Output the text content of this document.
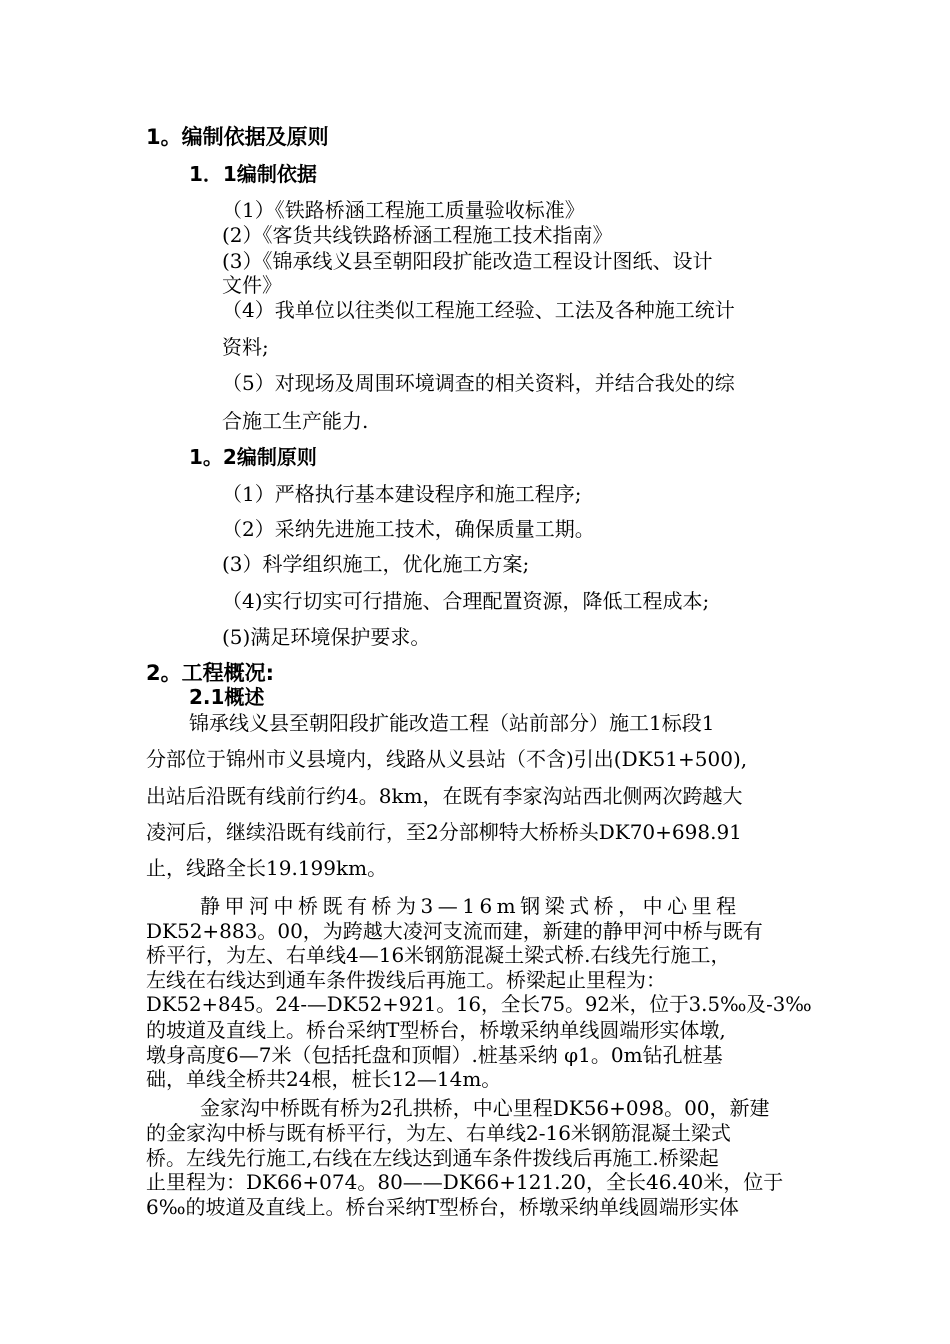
1。编制依据及原则
1．1编制依据
（1）《铁路桥涵工程施工质量验收标准》
(2）《客货共线铁路桥涵工程施工技术指南》
(3）《锦承线义县至朝阳段扩能改造工程设计图纸、设计
文件》
（4）我单位以往类似工程施工经验、工法及各种施工统计
资料;
（5）对现场及周围环境调查的相关资料，并结合我处的综
合施工生产能力.
1。2编制原则
（1）严格执行基本建设程序和施工程序;
（2）采纳先进施工技术，确保质量工期。
(3）科学组织施工，优化施工方案;
（4)实行切实可行措施、合理配置资源，降低工程成本;
(5)满足环境保护要求。
2。工程概况:
2.1概述
锦承线义县至朝阳段扩能改造工程（站前部分）施工1标段1
分部位于锦州市义县境内，线路从义县站（不含)引出(DK51+500),
出站后沿既有线前行约4。8km，在既有李家沟站西北侧两次跨越大
凌河后，继续沿既有线前行，至2分部柳特大桥桥头DK70+698.91
止，线路全长19.199km。
静甲河中桥既有桥为3—16m钢梁式桥，中心里程
DK52+883。00，为跨越大凌河支流而建，新建的静甲河中桥与既有
桥平行，为左、右单线4—16米钢筋混凝土梁式桥.右线先行施工，
左线在右线达到通车条件拨线后再施工。桥梁起止里程为：
DK52+845。24-—DK52+921。16，全长75。92米，位于3.5‰及-3‰
的坡道及直线上。桥台采纳T型桥台，桥墩采纳单线圆端形实体墩,
墩身高度6—7米（包括托盘和顶帽）.桩基采纳 φ1。0m钻孔桩基
础，单线全桥共24根，桩长12—14m。
金家沟中桥既有桥为2孔拱桥，中心里程DK56+098。00，新建
的金家沟中桥与既有桥平行，为左、右单线2-16米钢筋混凝土梁式
桥。左线先行施工,右线在左线达到通车条件拨线后再施工.桥梁起
止里程为：DK66+074。80——DK66+121.20，全长46.40米，位于
6‰的坡道及直线上。桥台采纳T型桥台，桥墩采纳单线圆端形实体
